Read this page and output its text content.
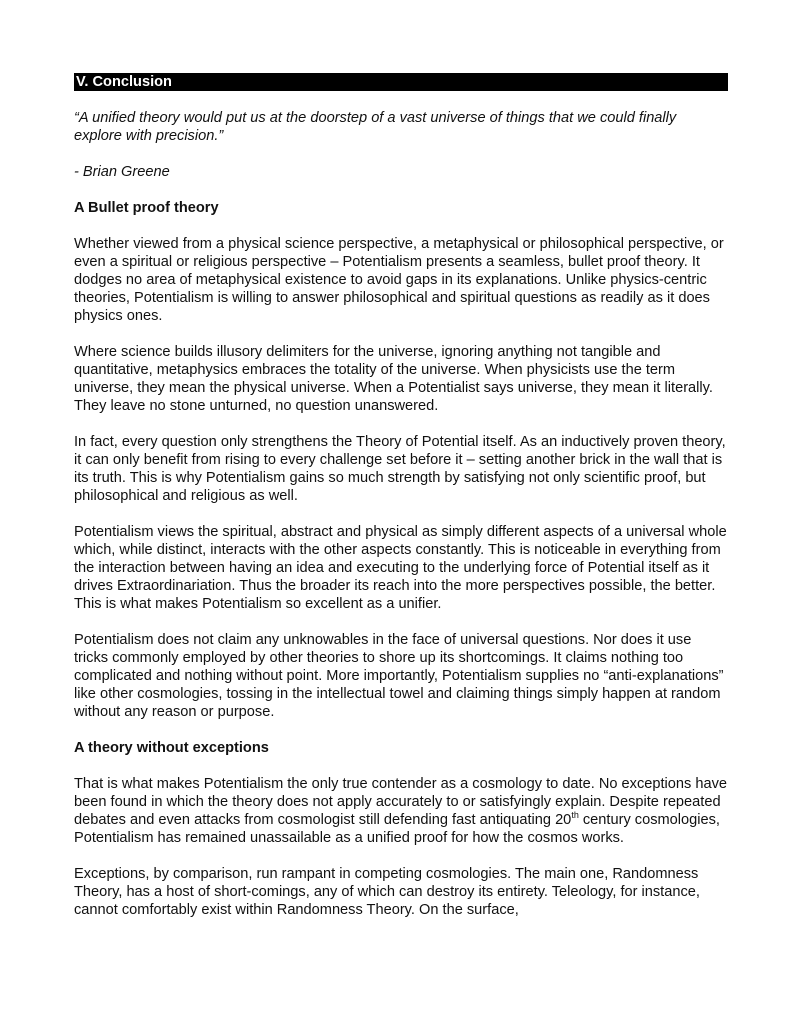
V. Conclusion

“A unified theory would put us at the doorstep of a vast universe of things that we could finally explore with precision.”

- Brian Greene

A Bullet proof theory

Whether viewed from a physical science perspective, a metaphysical or philosophical perspective, or even a spiritual or religious perspective – Potentialism presents a seamless, bullet proof theory. It dodges no area of metaphysical existence to avoid gaps in its explanations. Unlike physics-centric theories, Potentialism is willing to answer philosophical and spiritual questions as readily as it does physics ones.

Where science builds illusory delimiters for the universe, ignoring anything not tangible and quantitative, metaphysics embraces the totality of the universe. When physicists use the term universe, they mean the physical universe. When a Potentialist says universe, they mean it literally. They leave no stone unturned, no question unanswered.

In fact, every question only strengthens the Theory of Potential itself. As an inductively proven theory, it can only benefit from rising to every challenge set before it – setting another brick in the wall that is its truth. This is why Potentialism gains so much strength by satisfying not only scientific proof, but philosophical and religious as well.

Potentialism views the spiritual, abstract and physical as simply different aspects of a universal whole which, while distinct, interacts with the other aspects constantly. This is noticeable in everything from the interaction between having an idea and executing to the underlying force of Potential itself as it drives Extraordinariation. Thus the broader its reach into the more perspectives possible, the better. This is what makes Potentialism so excellent as a unifier.

Potentialism does not claim any unknowables in the face of universal questions. Nor does it use tricks commonly employed by other theories to shore up its shortcomings. It claims nothing too complicated and nothing without point. More importantly, Potentialism supplies no “anti-explanations” like other cosmologies, tossing in the intellectual towel and claiming things simply happen at random without any reason or purpose.

A theory without exceptions

That is what makes Potentialism the only true contender as a cosmology to date. No exceptions have been found in which the theory does not apply accurately to or satisfyingly explain. Despite repeated debates and even attacks from cosmologist still defending fast antiquating 20th century cosmologies, Potentialism has remained unassailable as a unified proof for how the cosmos works.

Exceptions, by comparison, run rampant in competing cosmologies. The main one, Randomness Theory, has a host of short-comings, any of which can destroy its entirety. Teleology, for instance, cannot comfortably exist within Randomness Theory. On the surface,
